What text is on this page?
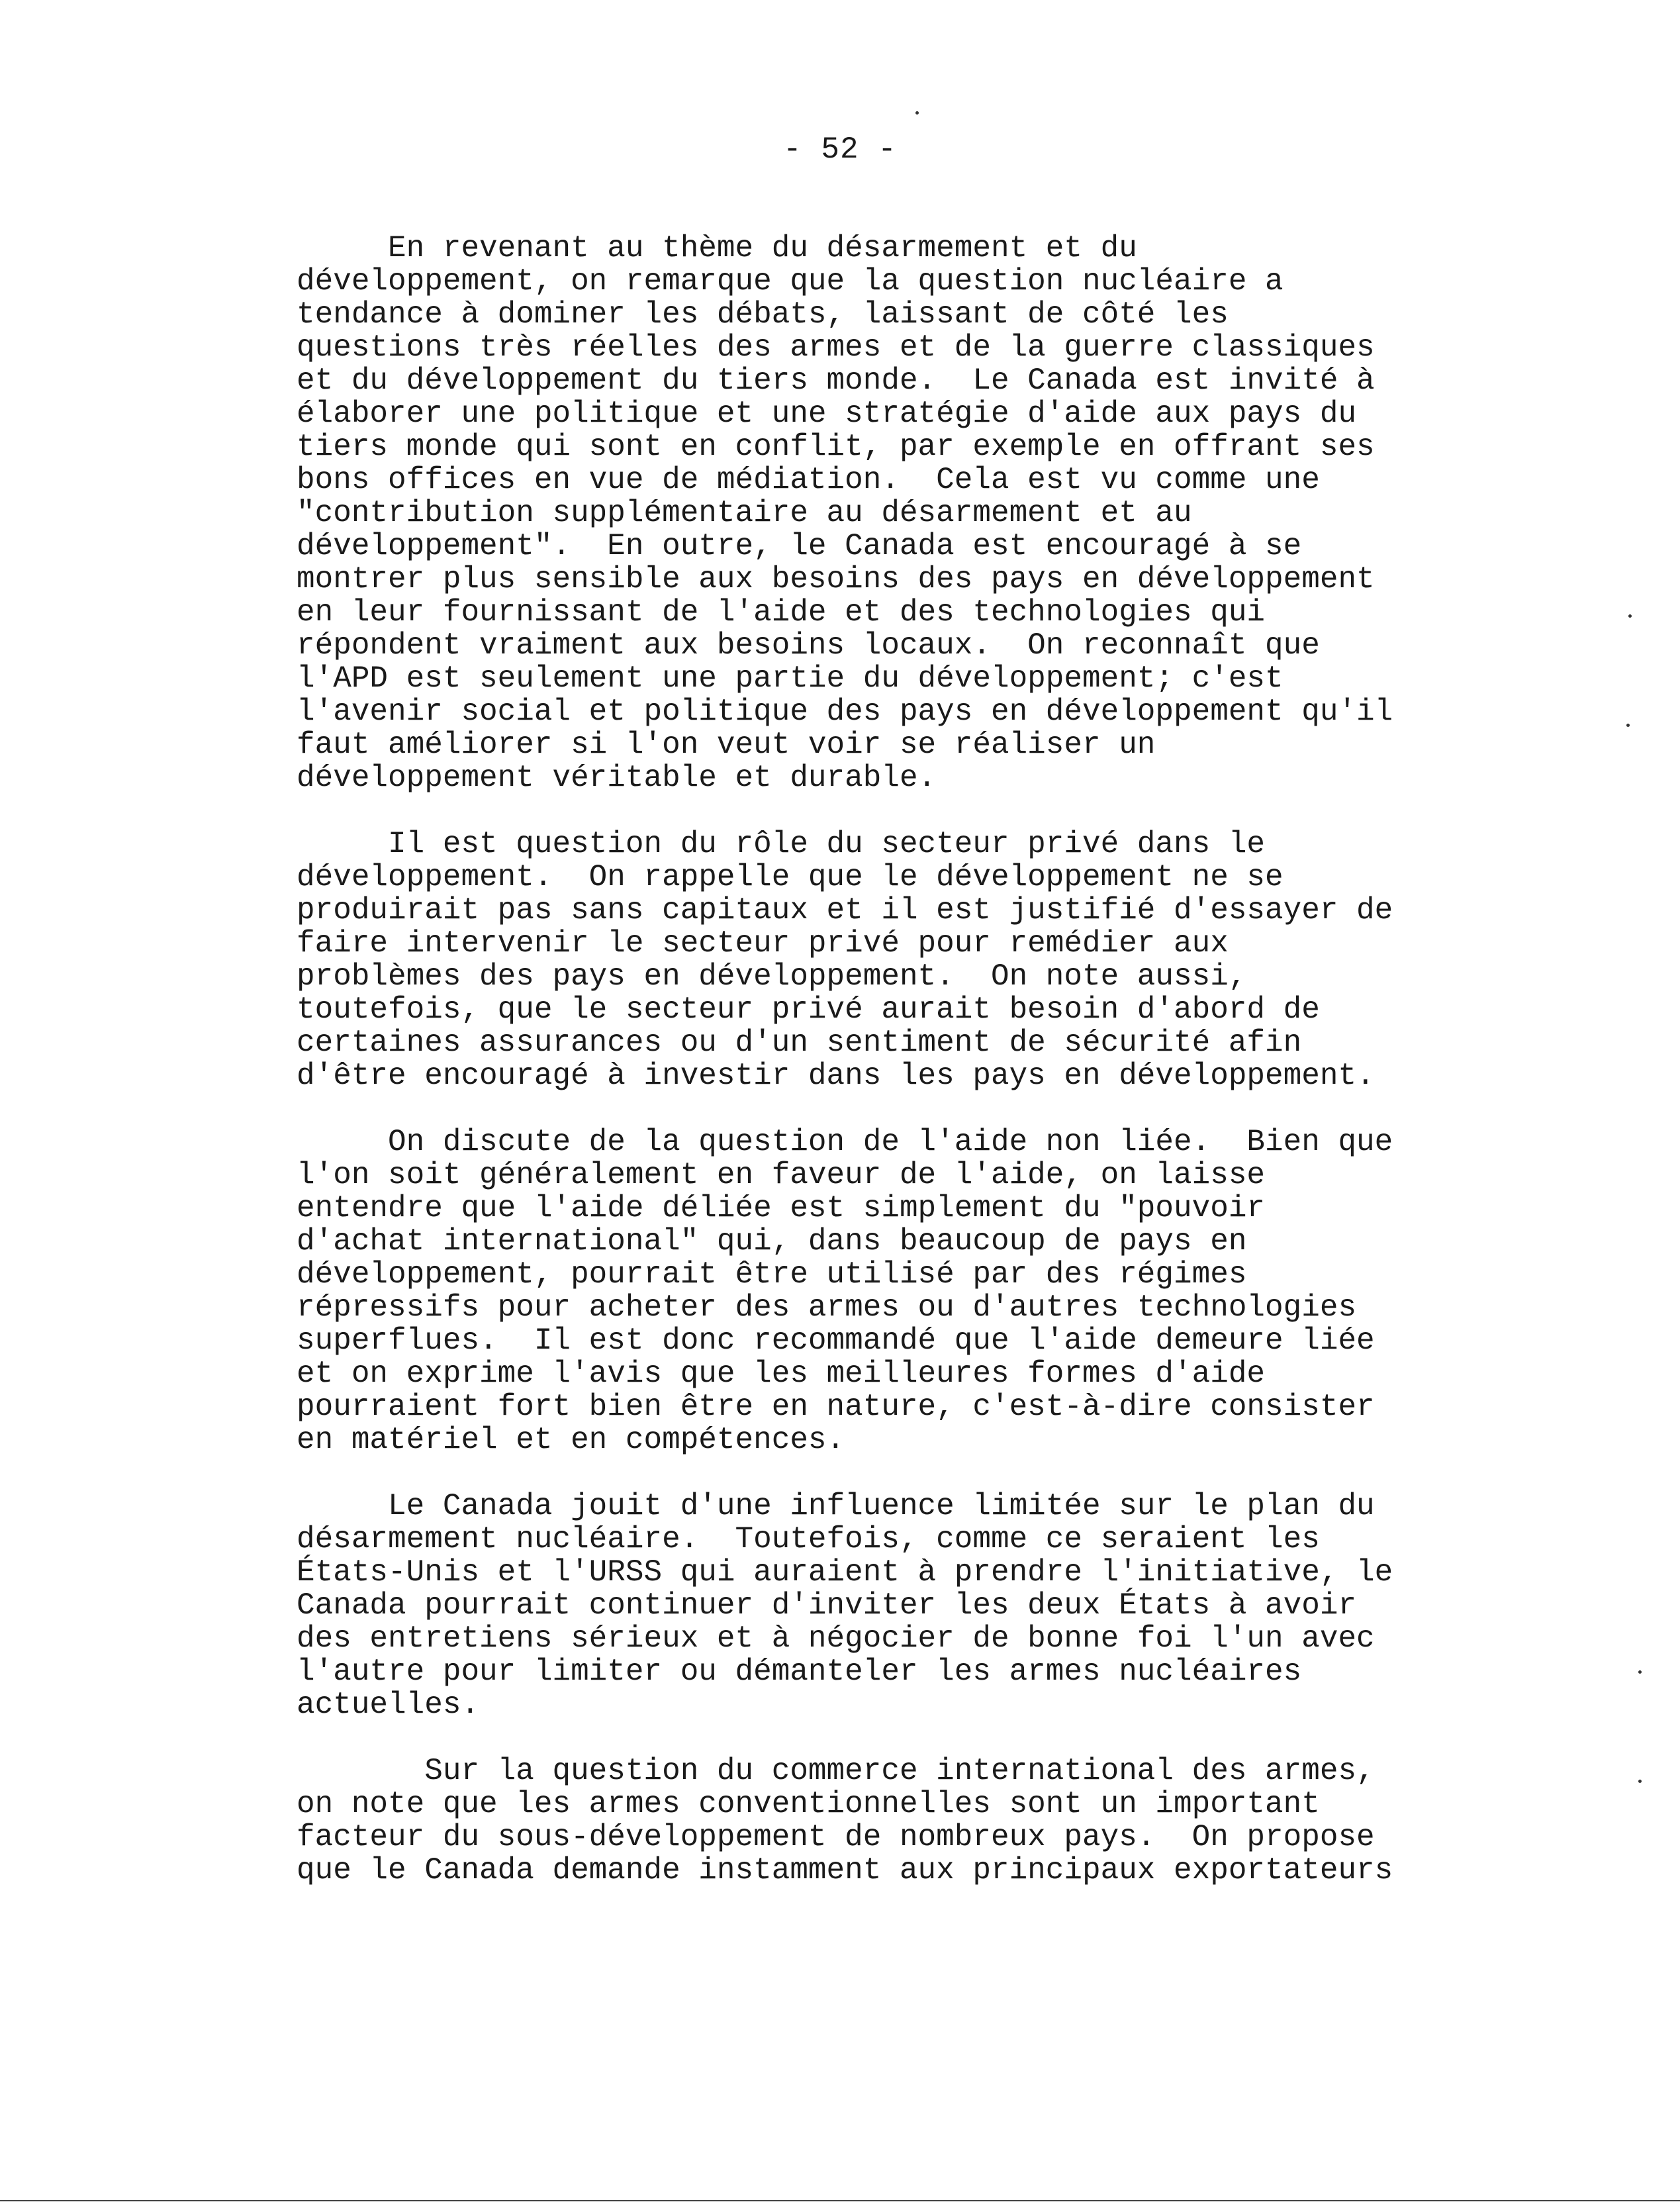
- 52 -
En revenant au thème du désarmement et du
développement, on remarque que la question nucléaire a
tendance à dominer les débats, laissant de côté les
questions très réelles des armes et de la guerre classiques
et du développement du tiers monde.  Le Canada est invité à
élaborer une politique et une stratégie d'aide aux pays du
tiers monde qui sont en conflit, par exemple en offrant ses
bons offices en vue de médiation.  Cela est vu comme une
"contribution supplémentaire au désarmement et au
développement".  En outre, le Canada est encouragé à se
montrer plus sensible aux besoins des pays en développement
en leur fournissant de l'aide et des technologies qui
répondent vraiment aux besoins locaux.  On reconnaît que
l'APD est seulement une partie du développement; c'est
l'avenir social et politique des pays en développement qu'il
faut améliorer si l'on veut voir se réaliser un
développement véritable et durable.
Il est question du rôle du secteur privé dans le
développement.  On rappelle que le développement ne se
produirait pas sans capitaux et il est justifié d'essayer de
faire intervenir le secteur privé pour remédier aux
problèmes des pays en développement.  On note aussi,
toutefois, que le secteur privé aurait besoin d'abord de
certaines assurances ou d'un sentiment de sécurité afin
d'être encouragé à investir dans les pays en développement.
On discute de la question de l'aide non liée.  Bien que
l'on soit généralement en faveur de l'aide, on laisse
entendre que l'aide déliée est simplement du "pouvoir
d'achat international" qui, dans beaucoup de pays en
développement, pourrait être utilisé par des régimes
répressifs pour acheter des armes ou d'autres technologies
superflues.  Il est donc recommandé que l'aide demeure liée
et on exprime l'avis que les meilleures formes d'aide
pourraient fort bien être en nature, c'est-à-dire consister
en matériel et en compétences.
Le Canada jouit d'une influence limitée sur le plan du
désarmement nucléaire.  Toutefois, comme ce seraient les
États-Unis et l'URSS qui auraient à prendre l'initiative, le
Canada pourrait continuer d'inviter les deux États à avoir
des entretiens sérieux et à négocier de bonne foi l'un avec
l'autre pour limiter ou démanteler les armes nucléaires
actuelles.
Sur la question du commerce international des armes,
on note que les armes conventionnelles sont un important
facteur du sous-développement de nombreux pays.  On propose
que le Canada demande instamment aux principaux exportateurs
